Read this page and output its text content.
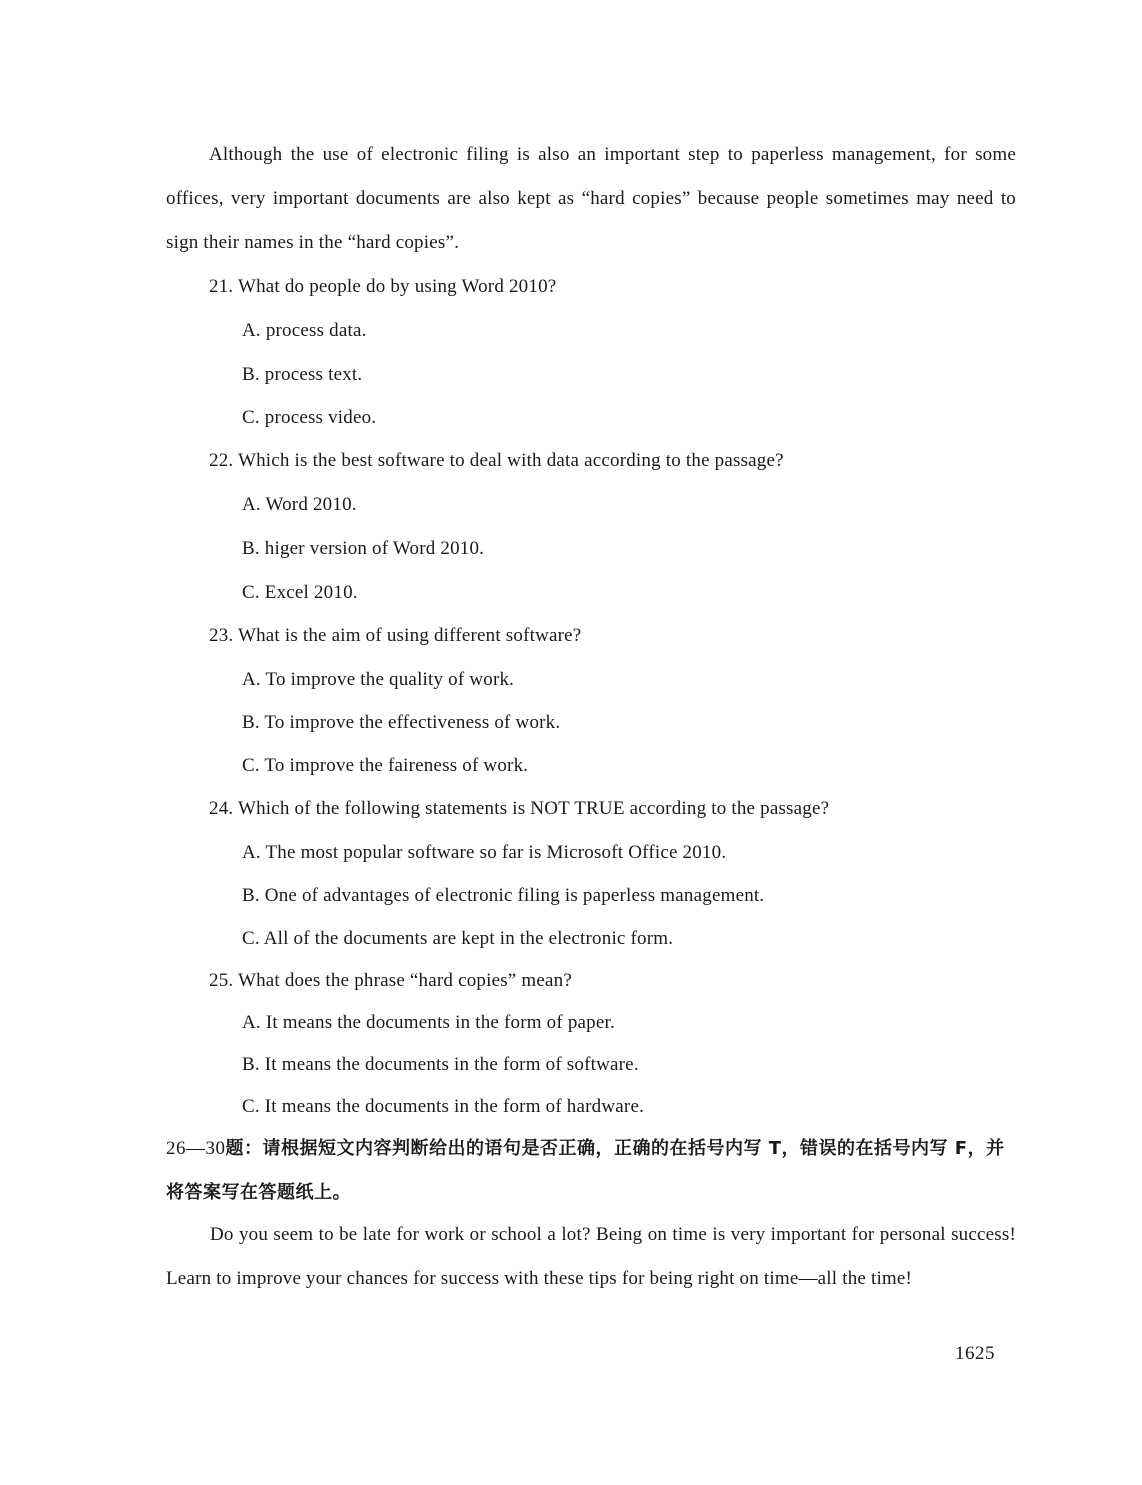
Although the use of electronic filing is also an important step to paperless management, for some offices, very important documents are also kept as “hard copies” because people sometimes may need to sign their names in the “hard copies”.
21. What do people do by using Word 2010?
A. process data.
B. process text.
C. process video.
22. Which is the best software to deal with data according to the passage?
A. Word 2010.
B. higer version of Word 2010.
C. Excel 2010.
23. What is the aim of using different software?
A. To improve the quality of work.
B. To improve the effectiveness of work.
C. To improve the faireness of work.
24. Which of the following statements is NOT TRUE according to the passage?
A. The most popular software so far is Microsoft Office 2010.
B. One of advantages of electronic filing is paperless management.
C. All of the documents are kept in the electronic form.
25. What does the phrase “hard copies” mean?
A. It means the documents in the form of paper.
B. It means the documents in the form of software.
C. It means the documents in the form of hardware.
26—30题：请根据短文内容判断给出的语句是否正确，正确的在括号内写 T，错误的在括号内写 F，并将答案写在答题纸上。
Do you seem to be late for work or school a lot? Being on time is very important for personal success! Learn to improve your chances for success with these tips for being right on time—all the time!
1625
